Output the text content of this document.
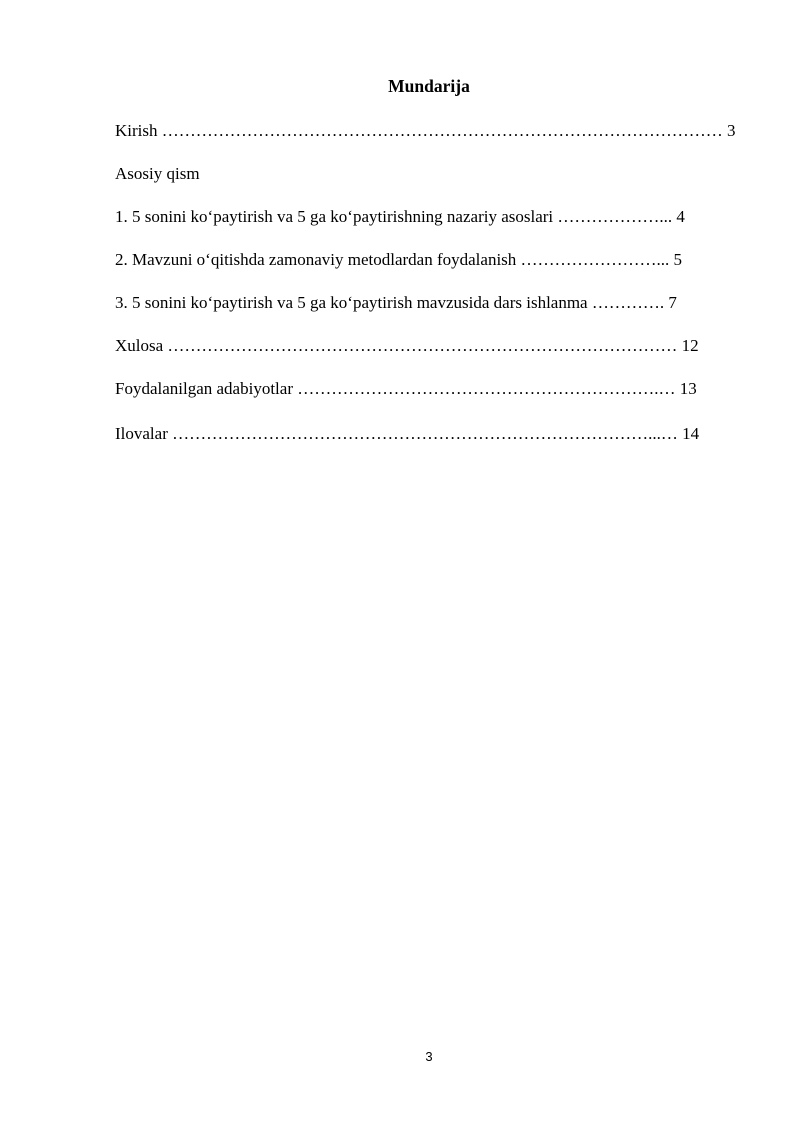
Mundarija
Kirish ……………………………………………………………………………………… 3
Asosiy qism
1. 5 sonini ko‘paytirish va 5 ga ko‘paytirishning nazariy asoslari ………………... 4
2. Mavzuni o‘qitishda zamonaviy metodlardan foydalanish ……………………... 5
3. 5 sonini ko‘paytirish va 5 ga ko‘paytirish mavzusida dars ishlanma …………. 7
Xulosa ……………………………………………………………………………… 12
Foydalanilgan adabiyotlar ……………………………………………………….… 13
Ilovalar …………………………………………………………………………...… 14
3
